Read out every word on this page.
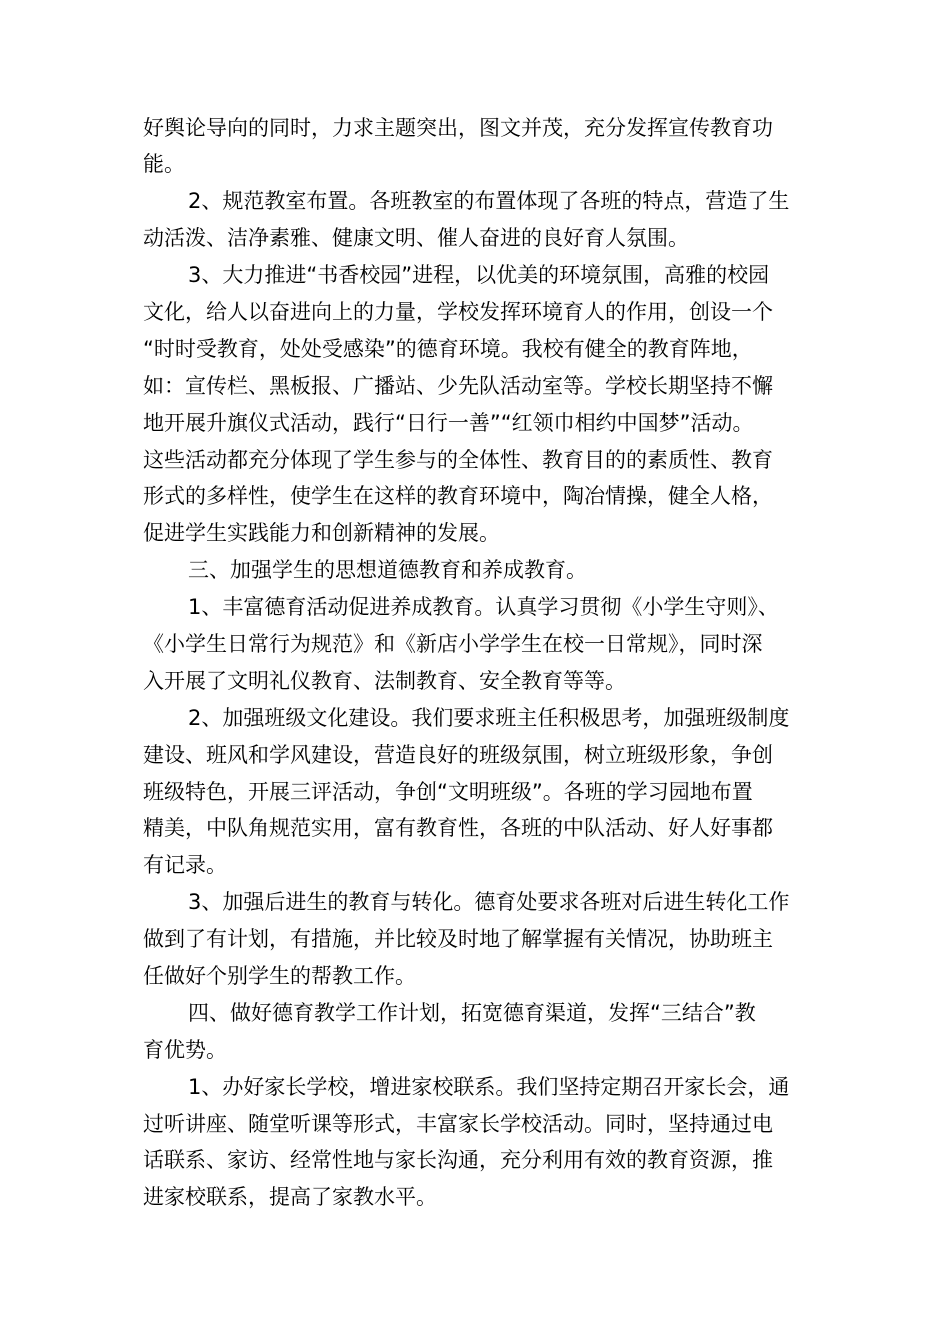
好舆论导向的同时，力求主题突出，图文并茂，充分发挥宣传教育功
能。
2、规范教室布置。各班教室的布置体现了各班的特点，营造了生
动活泼、洁净素雅、健康文明、催人奋进的良好育人氛围。
3、大力推进“书香校园”进程，以优美的环境氛围，高雅的校园
文化，给人以奋进向上的力量，学校发挥环境育人的作用，创设一个
“时时受教育，处处受感染”的德育环境。我校有健全的教育阵地，
如：宣传栏、黑板报、广播站、少先队活动室等。学校长期坚持不懈
地开展升旗仪式活动，践行“日行一善”“红领巾相约中国梦”活动。
这些活动都充分体现了学生参与的全体性、教育目的的素质性、教育
形式的多样性，使学生在这样的教育环境中，陶冶情操，健全人格，
促进学生实践能力和创新精神的发展。
三、加强学生的思想道德教育和养成教育。
1、丰富德育活动促进养成教育。认真学习贯彻《小学生守则》、
《小学生日常行为规范》和《新店小学学生在校一日常规》，同时深
入开展了文明礼仪教育、法制教育、安全教育等等。
2、加强班级文化建设。我们要求班主任积极思考，加强班级制度
建设、班风和学风建设，营造良好的班级氛围，树立班级形象，争创
班级特色，开展三评活动，争创“文明班级”。各班的学习园地布置
精美，中队角规范实用，富有教育性，各班的中队活动、好人好事都
有记录。
3、加强后进生的教育与转化。德育处要求各班对后进生转化工作
做到了有计划，有措施，并比较及时地了解掌握有关情况，协助班主
任做好个别学生的帮教工作。
四、做好德育教学工作计划，拓宽德育渠道，发挥“三结合”教
育优势。
1、办好家长学校，增进家校联系。我们坚持定期召开家长会，通
过听讲座、随堂听课等形式，丰富家长学校活动。同时，坚持通过电
话联系、家访、经常性地与家长沟通，充分利用有效的教育资源，推
进家校联系，提高了家教水平。
